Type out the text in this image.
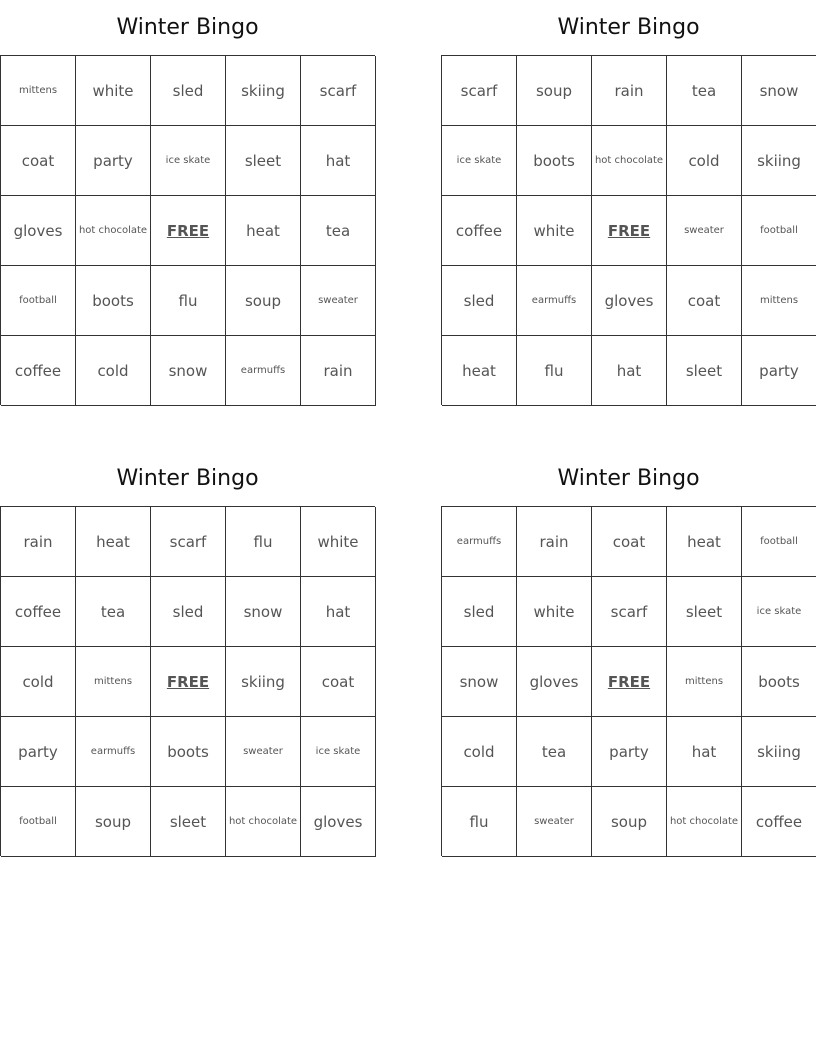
Winter Bingo
mittens	white	sled	skiing	scarf
coat	party	ice skate	sleet	hat
gloves	hot chocolate	FREE	heat	tea
football	boots	flu	soup	sweater
coffee	cold	snow	earmuffs	rain
Winter Bingo
scarf	soup	rain	tea	snow
ice skate	boots	hot chocolate	cold	skiing
coffee	white	FREE	sweater	football
sled	earmuffs	gloves	coat	mittens
heat	flu	hat	sleet	party
Winter Bingo
rain	heat	scarf	flu	white
coffee	tea	sled	snow	hat
cold	mittens	FREE	skiing	coat
party	earmuffs	boots	sweater	ice skate
football	soup	sleet	hot chocolate	gloves
Winter Bingo
earmuffs	rain	coat	heat	football
sled	white	scarf	sleet	ice skate
snow	gloves	FREE	mittens	boots
cold	tea	party	hat	skiing
flu	sweater	soup	hot chocolate	coffee
